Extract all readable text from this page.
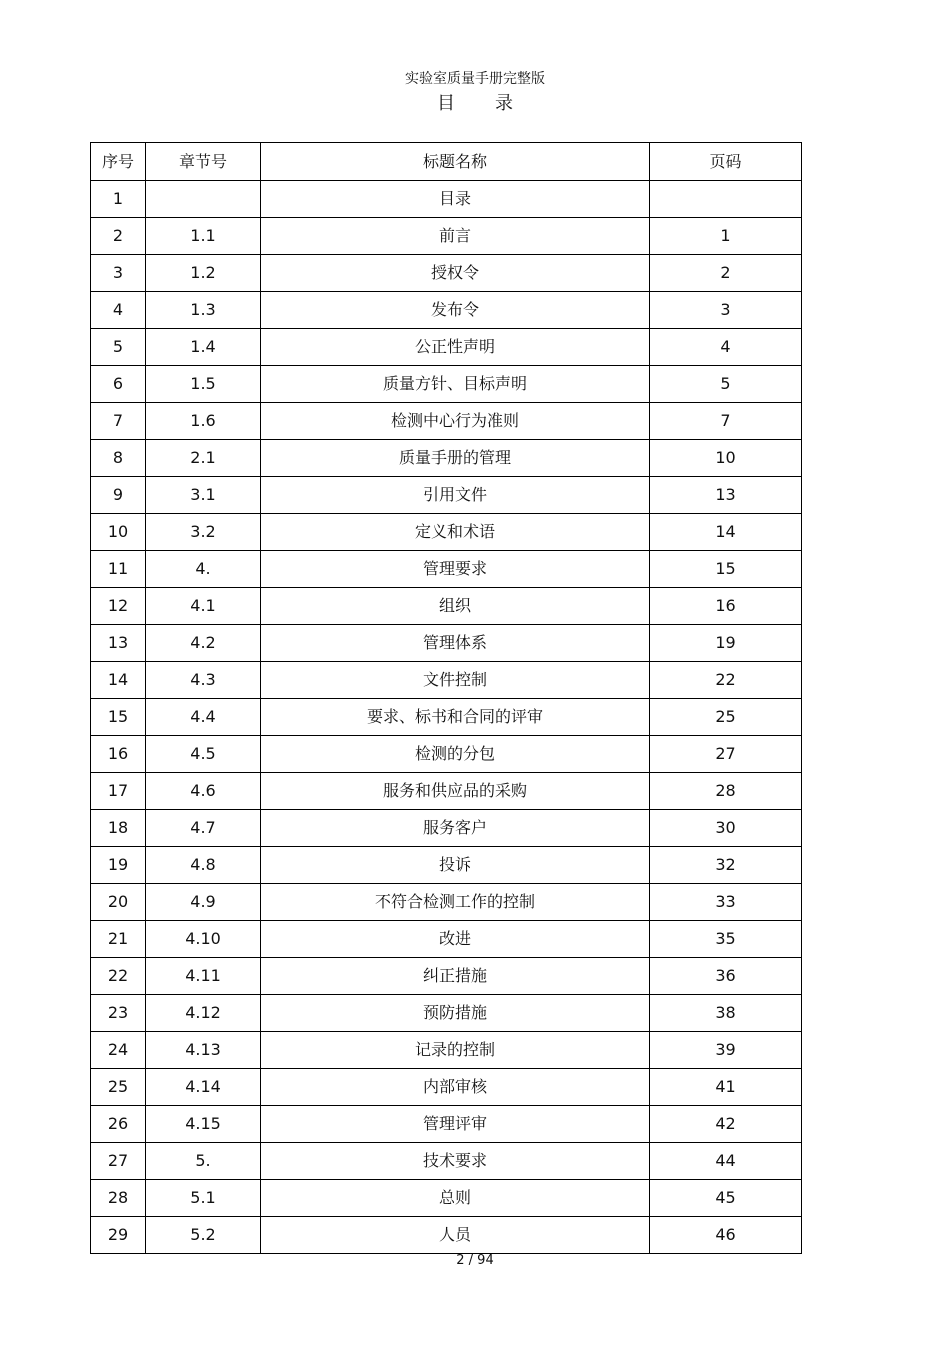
实验室质量手册完整版
目录
序号	章节号	标题名称	页码
1		目录	
2	1.1	前言	1
3	1.2	授权令	2
4	1.3	发布令	3
5	1.4	公正性声明	4
6	1.5	质量方针、目标声明	5
7	1.6	检测中心行为准则	7
8	2.1	质量手册的管理	10
9	3.1	引用文件	13
10	3.2	定义和术语	14
11	4.	管理要求	15
12	4.1	组织	16
13	4.2	管理体系	19
14	4.3	文件控制	22
15	4.4	要求、标书和合同的评审	25
16	4.5	检测的分包	27
17	4.6	服务和供应品的采购	28
18	4.7	服务客户	30
19	4.8	投诉	32
20	4.9	不符合检测工作的控制	33
21	4.10	改进	35
22	4.11	纠正措施	36
23	4.12	预防措施	38
24	4.13	记录的控制	39
25	4.14	内部审核	41
26	4.15	管理评审	42
27	5.	技术要求	44
28	5.1	总则	45
29	5.2	人员	46
2 / 94
